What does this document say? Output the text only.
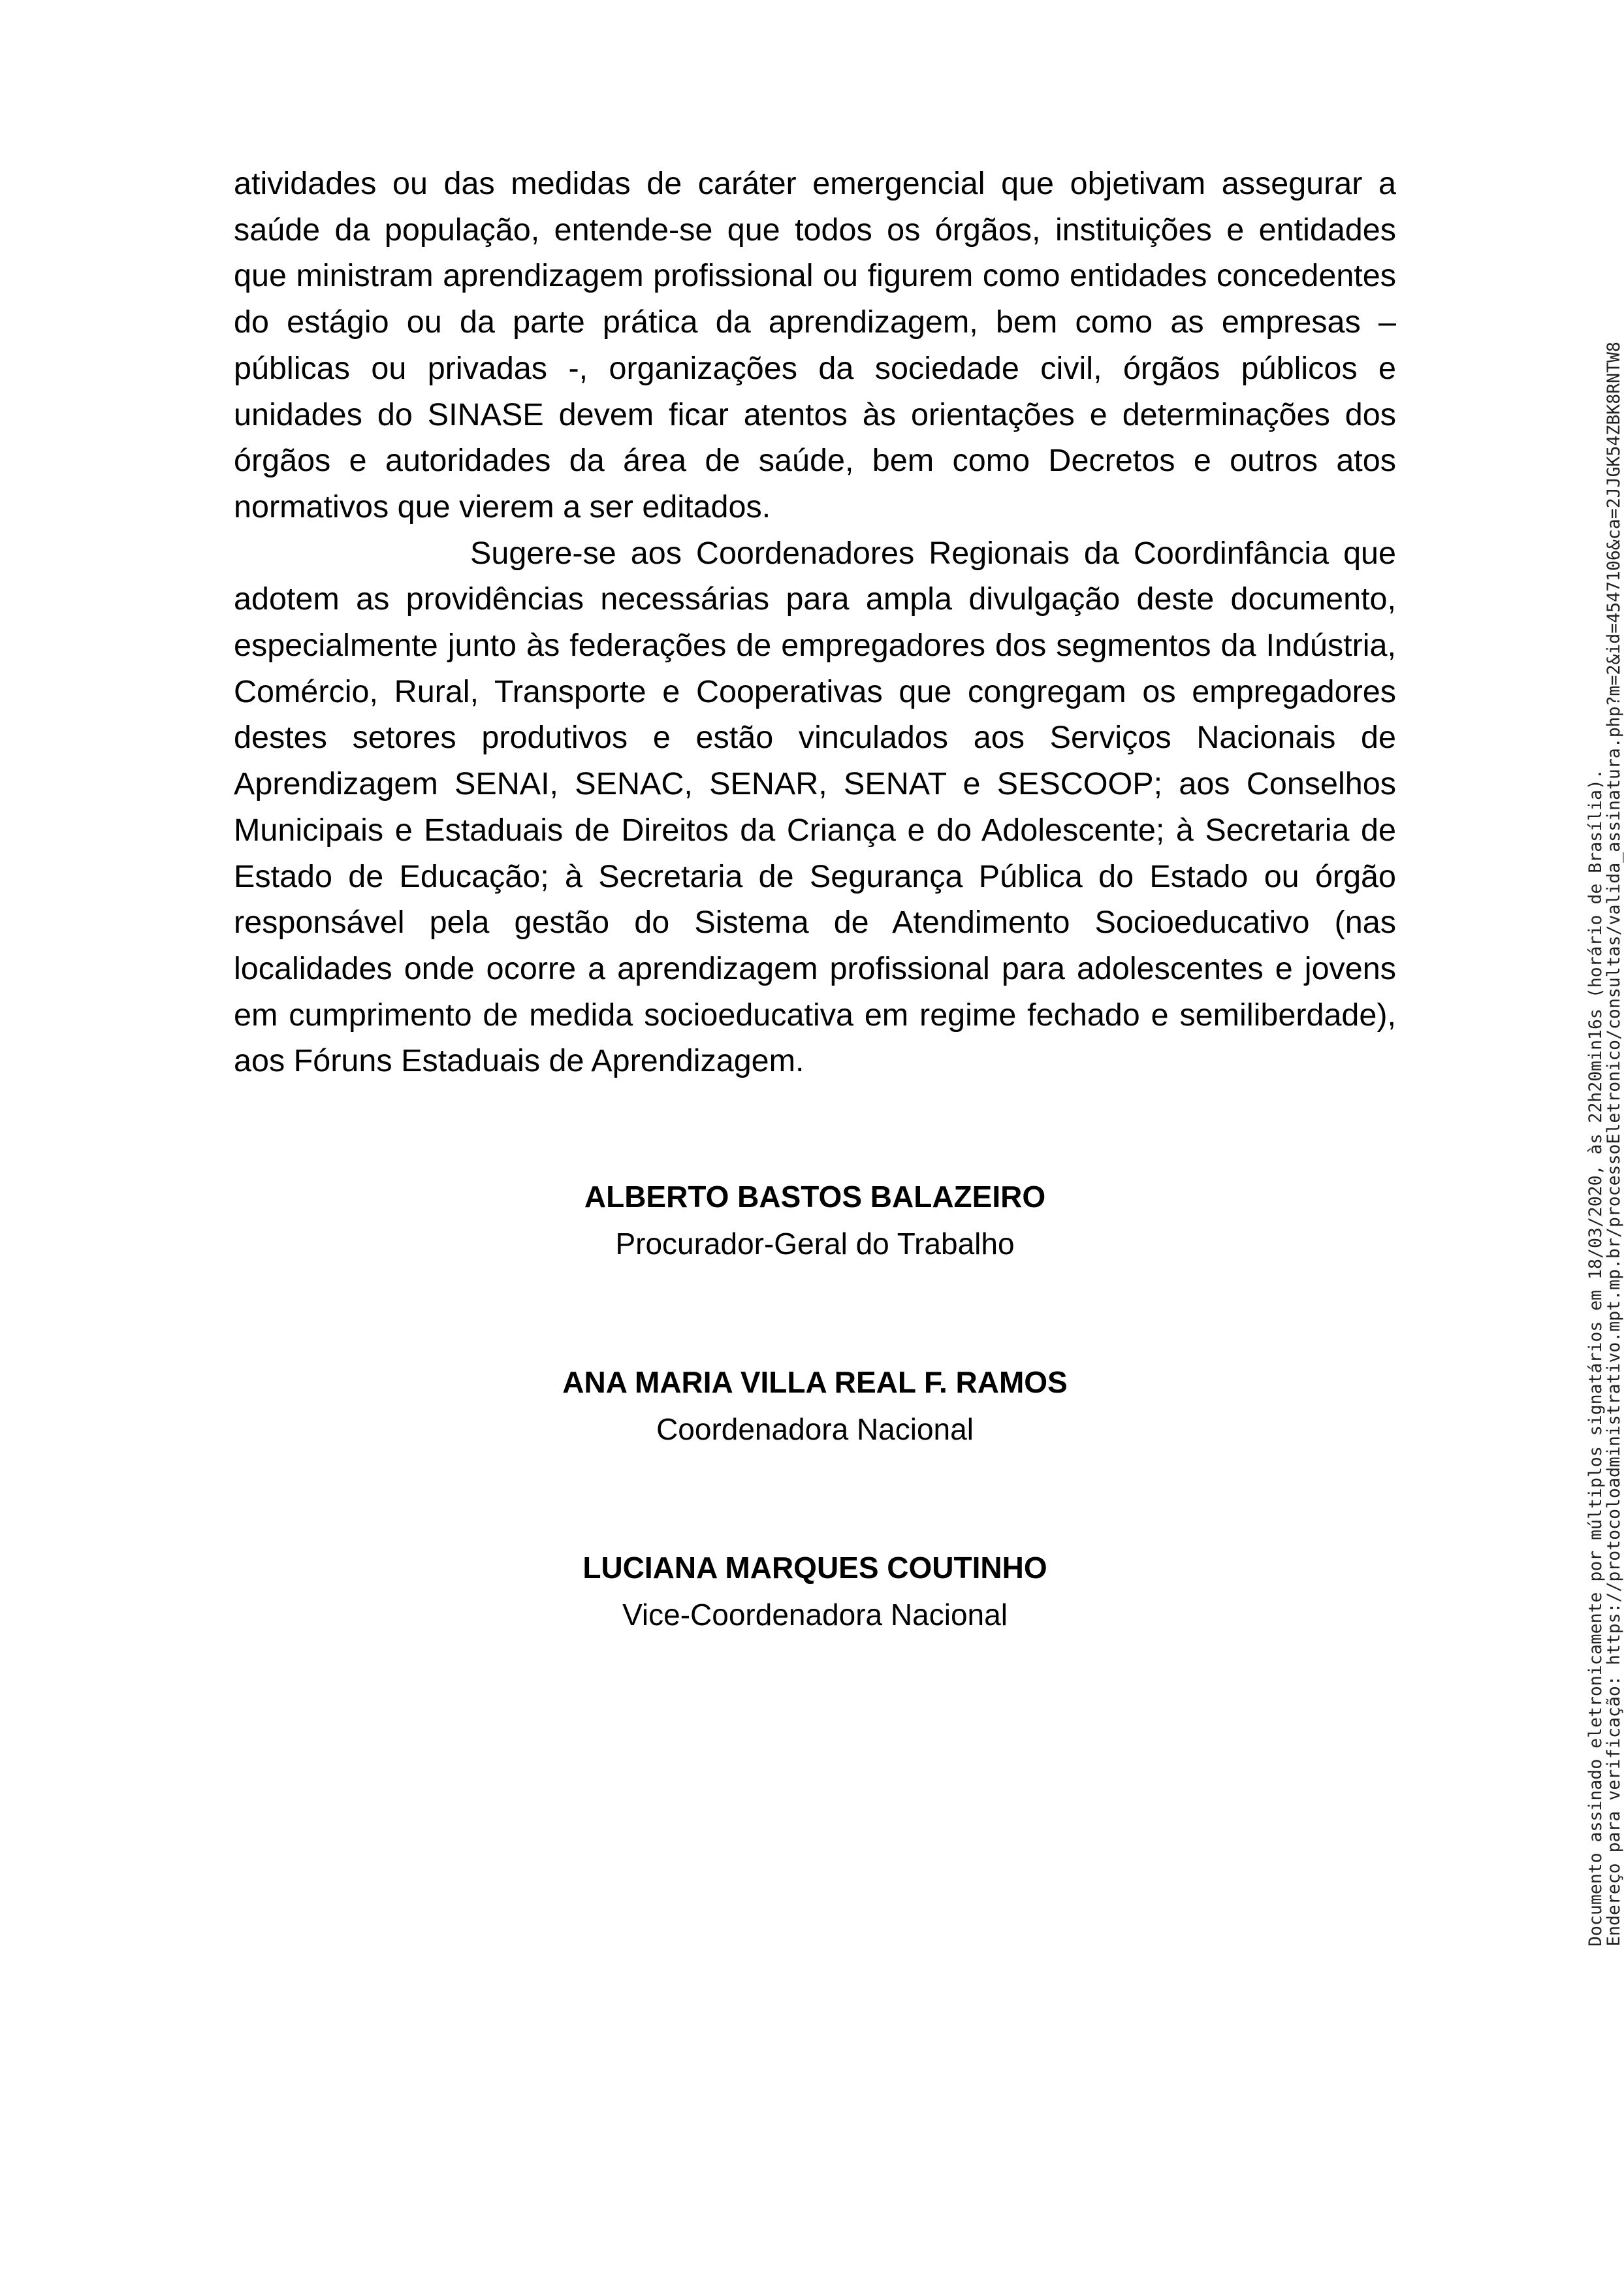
atividades ou das medidas de caráter emergencial que objetivam assegurar a saúde da população, entende-se que todos os órgãos, instituições e entidades que ministram aprendizagem profissional ou figurem como entidades concedentes do estágio ou da parte prática da aprendizagem, bem como as empresas – públicas ou privadas -, organizações da sociedade civil, órgãos públicos e unidades do SINASE devem ficar atentos às orientações e determinações dos órgãos e autoridades da área de saúde, bem como Decretos e outros atos normativos que vierem a ser editados.

Sugere-se aos Coordenadores Regionais da Coordinfância que adotem as providências necessárias para ampla divulgação deste documento, especialmente junto às federações de empregadores dos segmentos da Indústria, Comércio, Rural, Transporte e Cooperativas que congregam os empregadores destes setores produtivos e estão vinculados aos Serviços Nacionais de Aprendizagem SENAI, SENAC, SENAR, SENAT e SESCOOP; aos Conselhos Municipais e Estaduais de Direitos da Criança e do Adolescente; à Secretaria de Estado de Educação; à Secretaria de Segurança Pública do Estado ou órgão responsável pela gestão do Sistema de Atendimento Socioeducativo (nas localidades onde ocorre a aprendizagem profissional para adolescentes e jovens em cumprimento de medida socioeducativa em regime fechado e semiliberdade), aos Fóruns Estaduais de Aprendizagem.

ALBERTO BASTOS BALAZEIRO
Procurador-Geral do Trabalho
ANA MARIA VILLA REAL F. RAMOS
Coordenadora Nacional
LUCIANA MARQUES COUTINHO
Vice-Coordenadora Nacional	Documento assinado eletronicamente por múltiplos signatários em 18/03/2020, às 22h20min16s (horário de Brasília).
Endereço para verificação: https://protocoloadministrativo.mpt.mp.br/processoEletronico/consultas/valida_assinatura.php?m=2&id=4547106&ca=2JJGK54ZBK8RNTW8
